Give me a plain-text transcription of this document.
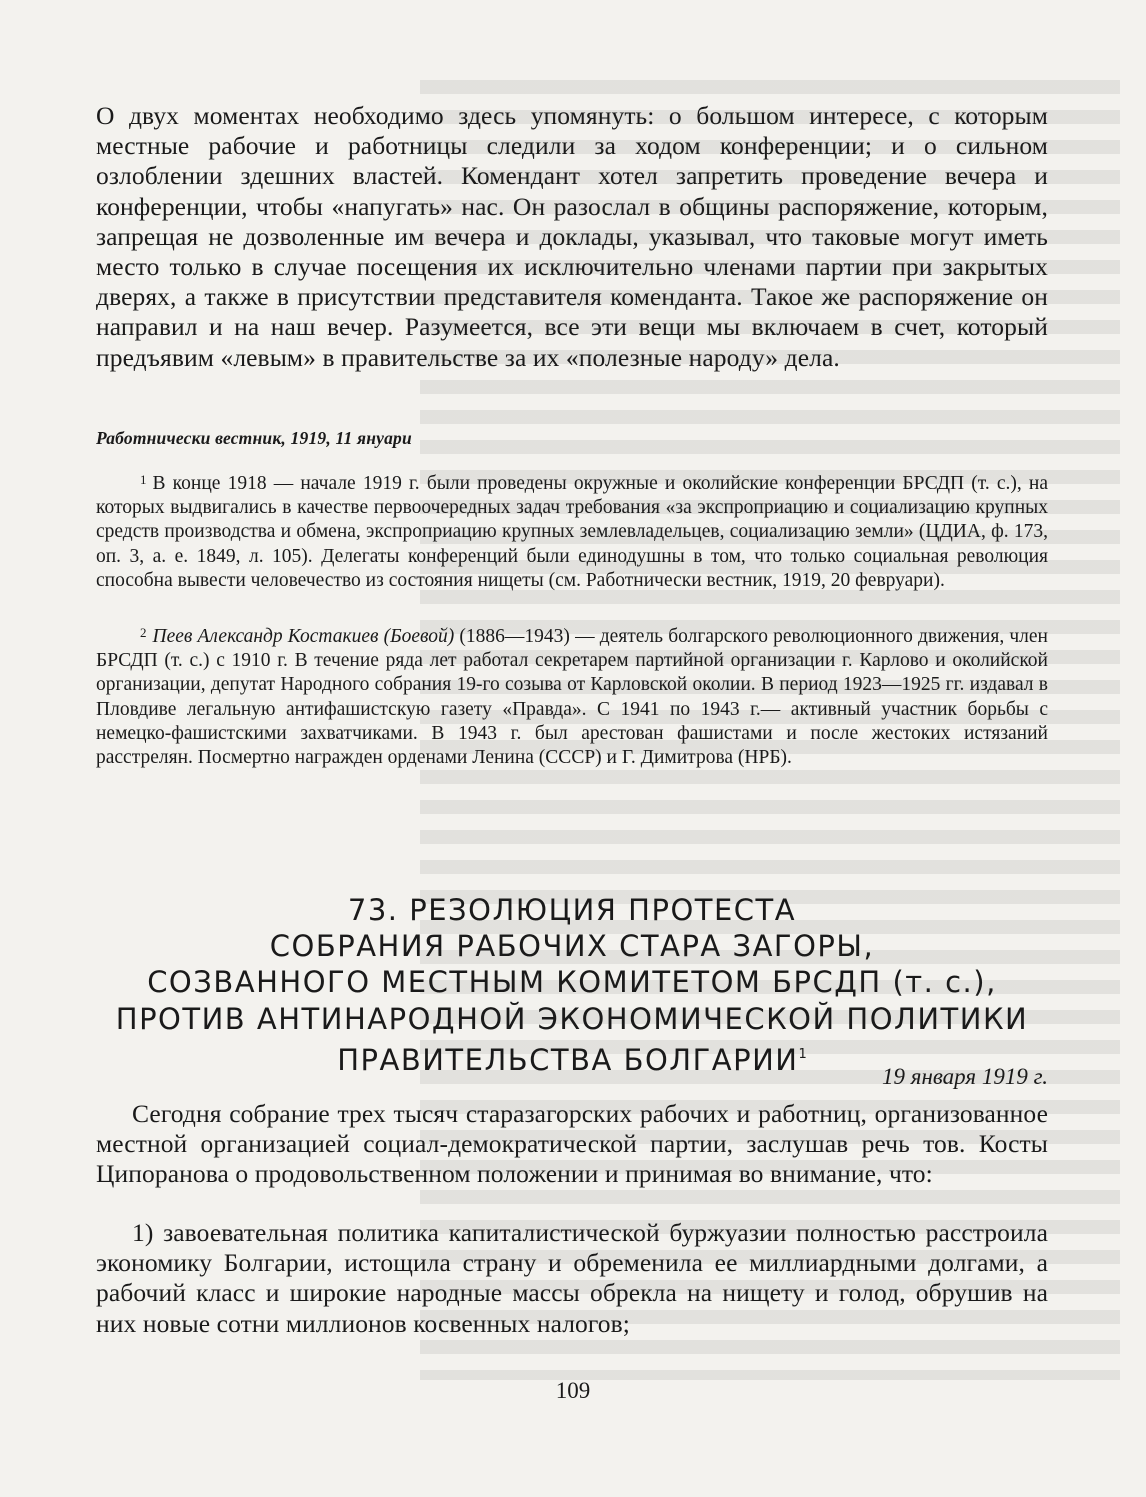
О двух моментах необходимо здесь упомянуть: о большом интересе, с которым местные рабочие и работницы следили за ходом конференции; и о сильном озлоблении здешних властей. Комендант хотел запретить проведение вечера и конференции, чтобы «напугать» нас. Он разослал в общины распоряжение, которым, запрещая не дозволенные им вечера и доклады, указывал, что таковые могут иметь место только в случае посещения их исключительно членами партии при закрытых дверях, а также в присутствии представителя коменданта. Такое же распоряжение он направил и на наш вечер. Разумеется, все эти вещи мы включаем в счет, который предъявим «левым» в правительстве за их «полезные народу» дела.

Работнически вестник, 1919, 11 януари

$^1$ В конце 1918 — начале 1919 г. были проведены окружные и околийские конференции БРСДП (т. с.), на которых выдвигались в качестве первоочередных задач требования «за экспроприацию и социализацию крупных средств производства и обмена, экспроприацию крупных землевладельцев, социализацию земли» (ЦДИА, ф. 173, оп. 3, а. е. 1849, л. 105). Делегаты конференций были единодушны в том, что только социальная революция способна вывести человечество из состояния нищеты (см. Работнически вестник, 1919, 20 февруари).

$^2$ Пеев Александр Костакиев (Боевой) (1886—1943) — деятель болгарского революционного движения, член БРСДП (т. с.) с 1910 г. В течение ряда лет работал секретарем партийной организации г. Карлово и околийской организации, депутат Народного собрания 19-го созыва от Карловской околии. В период 1923—1925 гг. издавал в Пловдиве легальную антифашистскую газету «Правда». С 1941 по 1943 г.— активный участник борьбы с немецко-фашистскими захватчиками. В 1943 г. был арестован фашистами и после жестоких истязаний расстрелян. Посмертно награжден орденами Ленина (СССР) и Г. Димитрова (НРБ).

73. РЕЗОЛЮЦИЯ ПРОТЕСТА
СОБРАНИЯ РАБОЧИХ СТАРА ЗАГОРЫ,
СОЗВАННОГО МЕСТНЫМ КОМИТЕТОМ БРСДП (т. с.),
ПРОТИВ АНТИНАРОДНОЙ ЭКОНОМИЧЕСКОЙ ПОЛИТИКИ
ПРАВИТЕЛЬСТВА БОЛГАРИИ$^1$
19 января 1919 г.

Сегодня собрание трех тысяч старазагорских рабочих и работниц, организованное местной организацией социал-демократической партии, заслушав речь тов. Косты Ципоранова о продовольственном положении и принимая во внимание, что:

1) завоевательная политика капиталистической буржуазии полностью расстроила экономику Болгарии, истощила страну и обременила ее миллиардными долгами, а рабочий класс и широкие народные массы обрекла на нищету и голод, обрушив на них новые сотни миллионов косвенных налогов;

109
